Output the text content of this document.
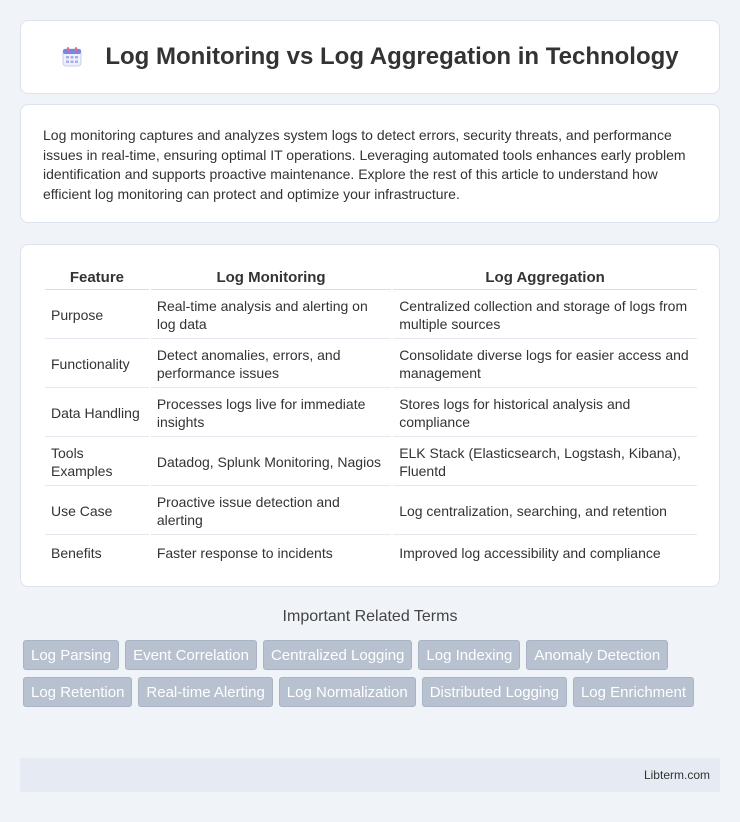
Log Monitoring vs Log Aggregation in Technology

Log monitoring captures and analyzes system logs to detect errors, security threats, and performance issues in real-time, ensuring optimal IT operations. Leveraging automated tools enhances early problem identification and supports proactive maintenance. Explore the rest of this article to understand how efficient log monitoring can protect and optimize your infrastructure.

Feature	Log Monitoring	Log Aggregation
Purpose	Real-time analysis and alerting on log data	Centralized collection and storage of logs from multiple sources
Functionality	Detect anomalies, errors, and performance issues	Consolidate diverse logs for easier access and management
Data Handling	Processes logs live for immediate insights	Stores logs for historical analysis and compliance
Tools Examples	Datadog, Splunk Monitoring, Nagios	ELK Stack (Elasticsearch, Logstash, Kibana), Fluentd
Use Case	Proactive issue detection and alerting	Log centralization, searching, and retention
Benefits	Faster response to incidents	Improved log accessibility and compliance
Important Related Terms
Log Parsing	Event Correlation	Centralized Logging	Log Indexing	Anomaly Detection
Log Retention	Real-time Alerting	Log Normalization	Distributed Logging	Log Enrichment
Libterm.com
